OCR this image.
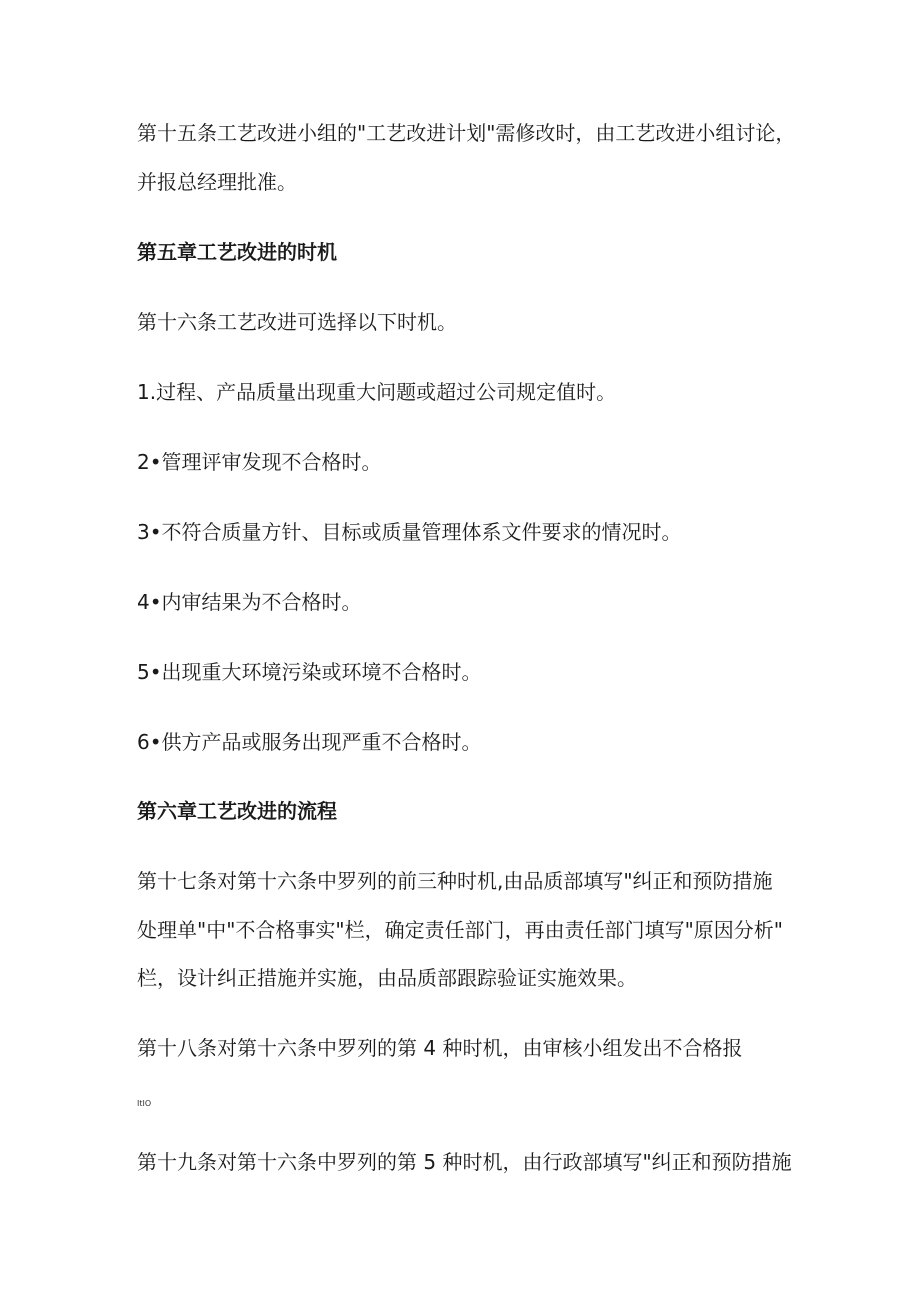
第十五条工艺改进小组的"工艺改进计划"需修改时，由工艺改进小组讨论，
并报总经理批准。
第五章工艺改进的时机
第十六条工艺改进可选择以下时机。
1.过程、产品质量出现重大问题或超过公司规定值时。
2•管理评审发现不合格时。
3•不符合质量方针、目标或质量管理体系文件要求的情况时。
4•内审结果为不合格时。
5•出现重大环境污染或环境不合格时。
6•供方产品或服务出现严重不合格时。
第六章工艺改进的流程
第十七条对第十六条中罗列的前三种时机,由品质部填写"纠正和预防措施
处理单"中"不合格事实"栏，确定责任部门，再由责任部门填写"原因分析"
栏，设计纠正措施并实施，由品质部跟踪验证实施效果。
第十八条对第十六条中罗列的第 4 种时机，由审核小组发出不合格报
ItIO
第十九条对第十六条中罗列的第 5 种时机，由行政部填写"纠正和预防措施
